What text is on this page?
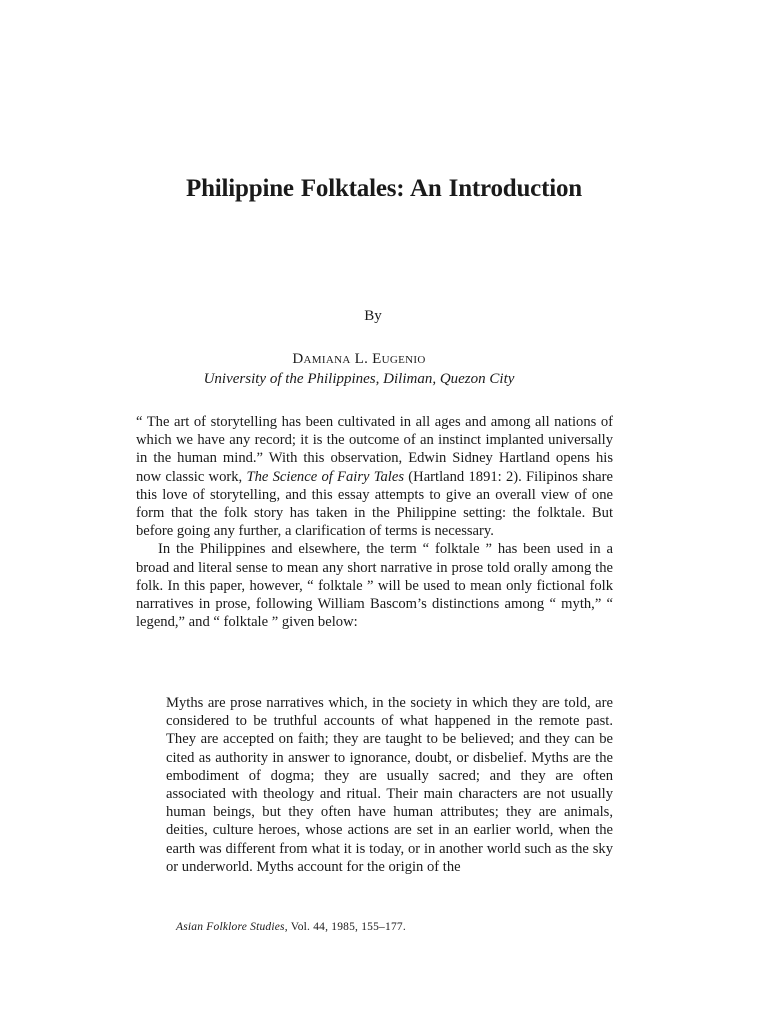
Philippine Folktales: An Introduction
By
Damiana L. Eugenio
University of the Philippines, Diliman, Quezon City

“ The art of storytelling has been cultivated in all ages and among all nations of which we have any record; it is the outcome of an instinct implanted universally in the human mind.” With this observation, Edwin Sidney Hartland opens his now classic work, The Science of Fairy Tales (Hartland 1891: 2). Filipinos share this love of storytelling, and this essay attempts to give an overall view of one form that the folk story has taken in the Philippine setting: the folktale. But before going any further, a clarification of terms is necessary.

In the Philippines and elsewhere, the term “ folktale ” has been used in a broad and literal sense to mean any short narrative in prose told orally among the folk. In this paper, however, “ folktale ” will be used to mean only fictional folk narratives in prose, following William Bascom’s distinctions among “ myth,” “ legend,” and “ folktale ” given below:

Myths are prose narratives which, in the society in which they are told, are considered to be truthful accounts of what happened in the remote past. They are accepted on faith; they are taught to be believed; and they can be cited as authority in answer to ignorance, doubt, or disbelief. Myths are the embodiment of dogma; they are usually sacred; and they are often associated with theology and ritual. Their main characters are not usually human beings, but they often have human attributes; they are animals, deities, culture heroes, whose actions are set in an earlier world, when the earth was different from what it is today, or in another world such as the sky or underworld. Myths account for the origin of the
Asian Folklore Studies, Vol. 44, 1985, 155–177.
